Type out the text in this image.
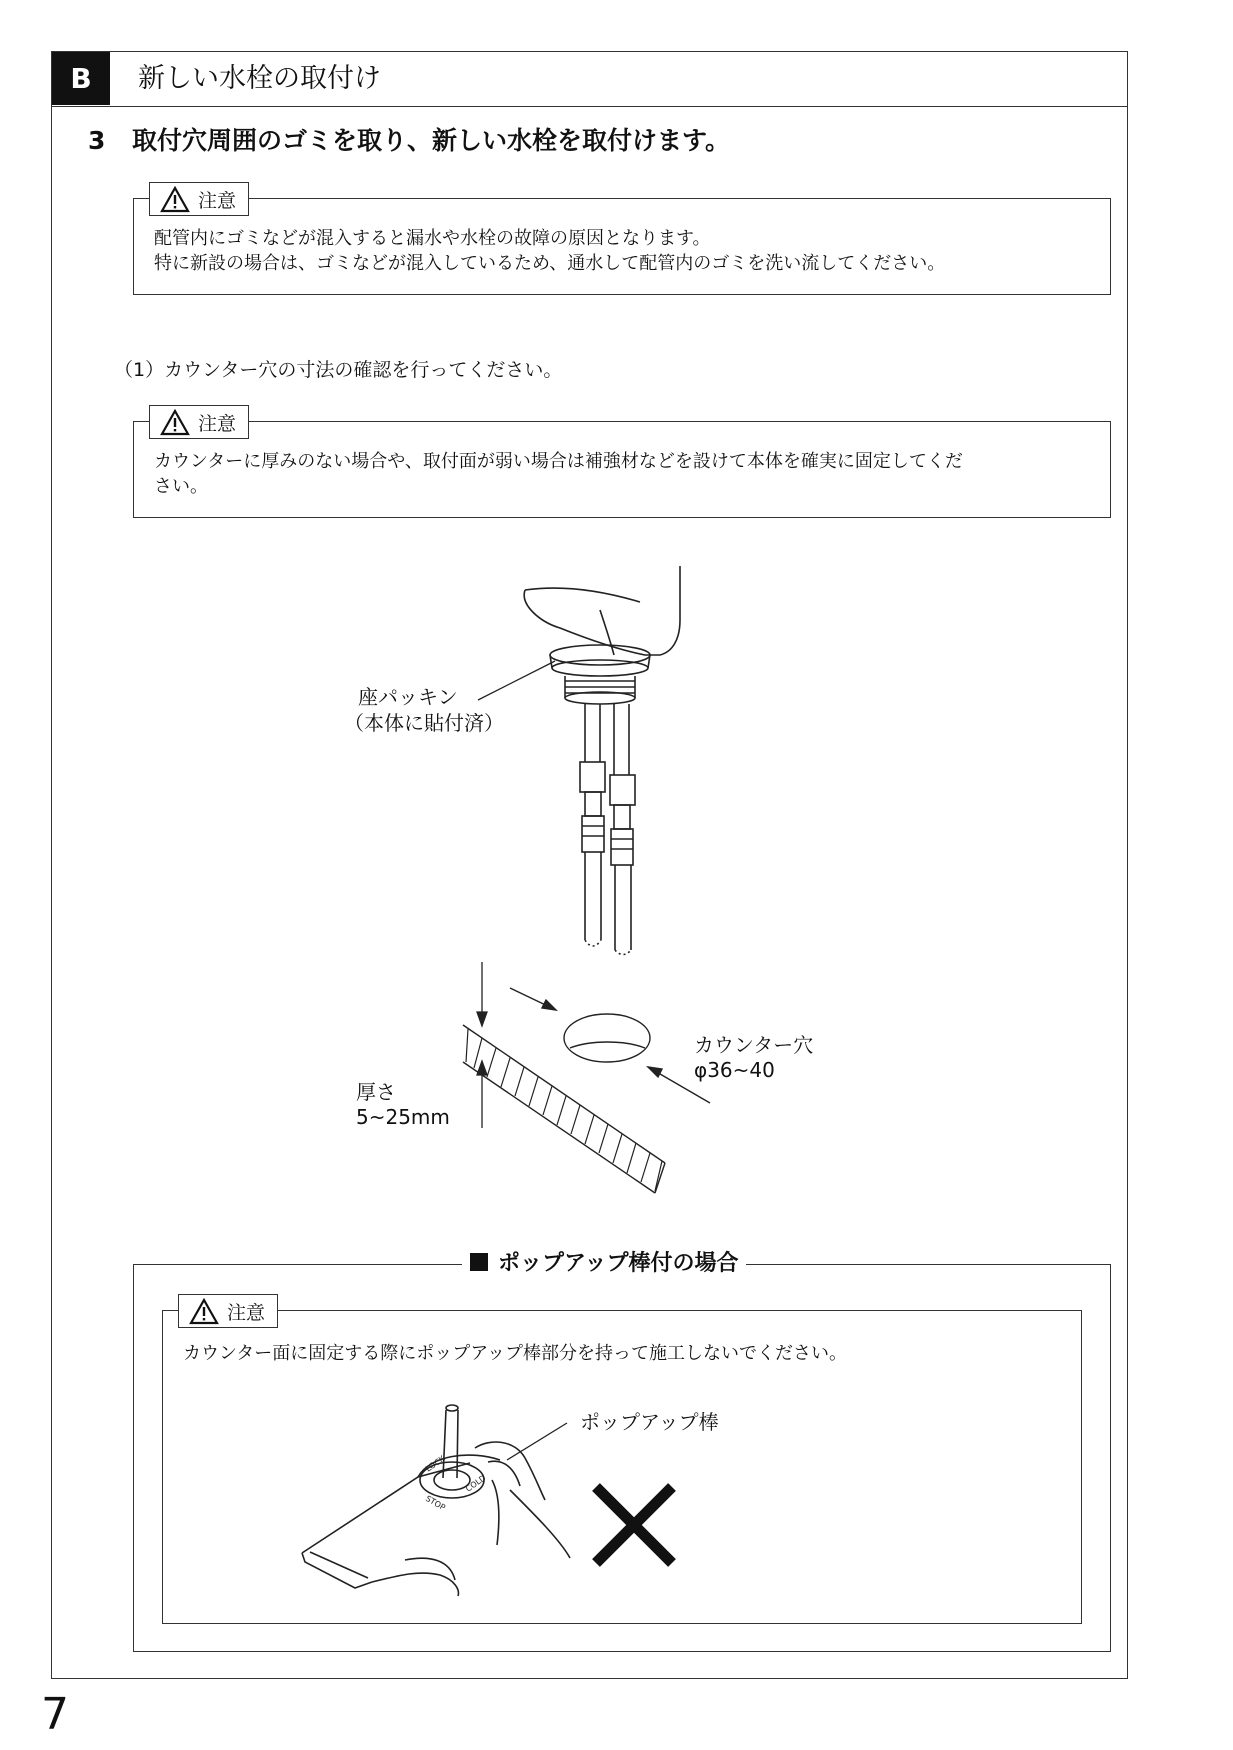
B	新しい水栓の取付け
3 取付穴周囲のゴミを取り、新しい水栓を取付けます。
注意
配管内にゴミなどが混入すると漏水や水栓の故障の原因となります。
特に新設の場合は、ゴミなどが混入しているため、通水して配管内のゴミを洗い流してください。
（1）カウンター穴の寸法の確認を行ってください。
注意
カウンターに厚みのない場合や、取付面が弱い場合は補強材などを設けて本体を確実に固定してくだ
さい。
座パッキン
（本体に貼付済）
カウンター穴
φ36~40
厚さ
5~25mm
ポップアップ棒付の場合
注意
カウンター面に固定する際にポップアップ棒部分を持って施工しないでください。
LOCK
STOP
COLD
ポップアップ棒
7
